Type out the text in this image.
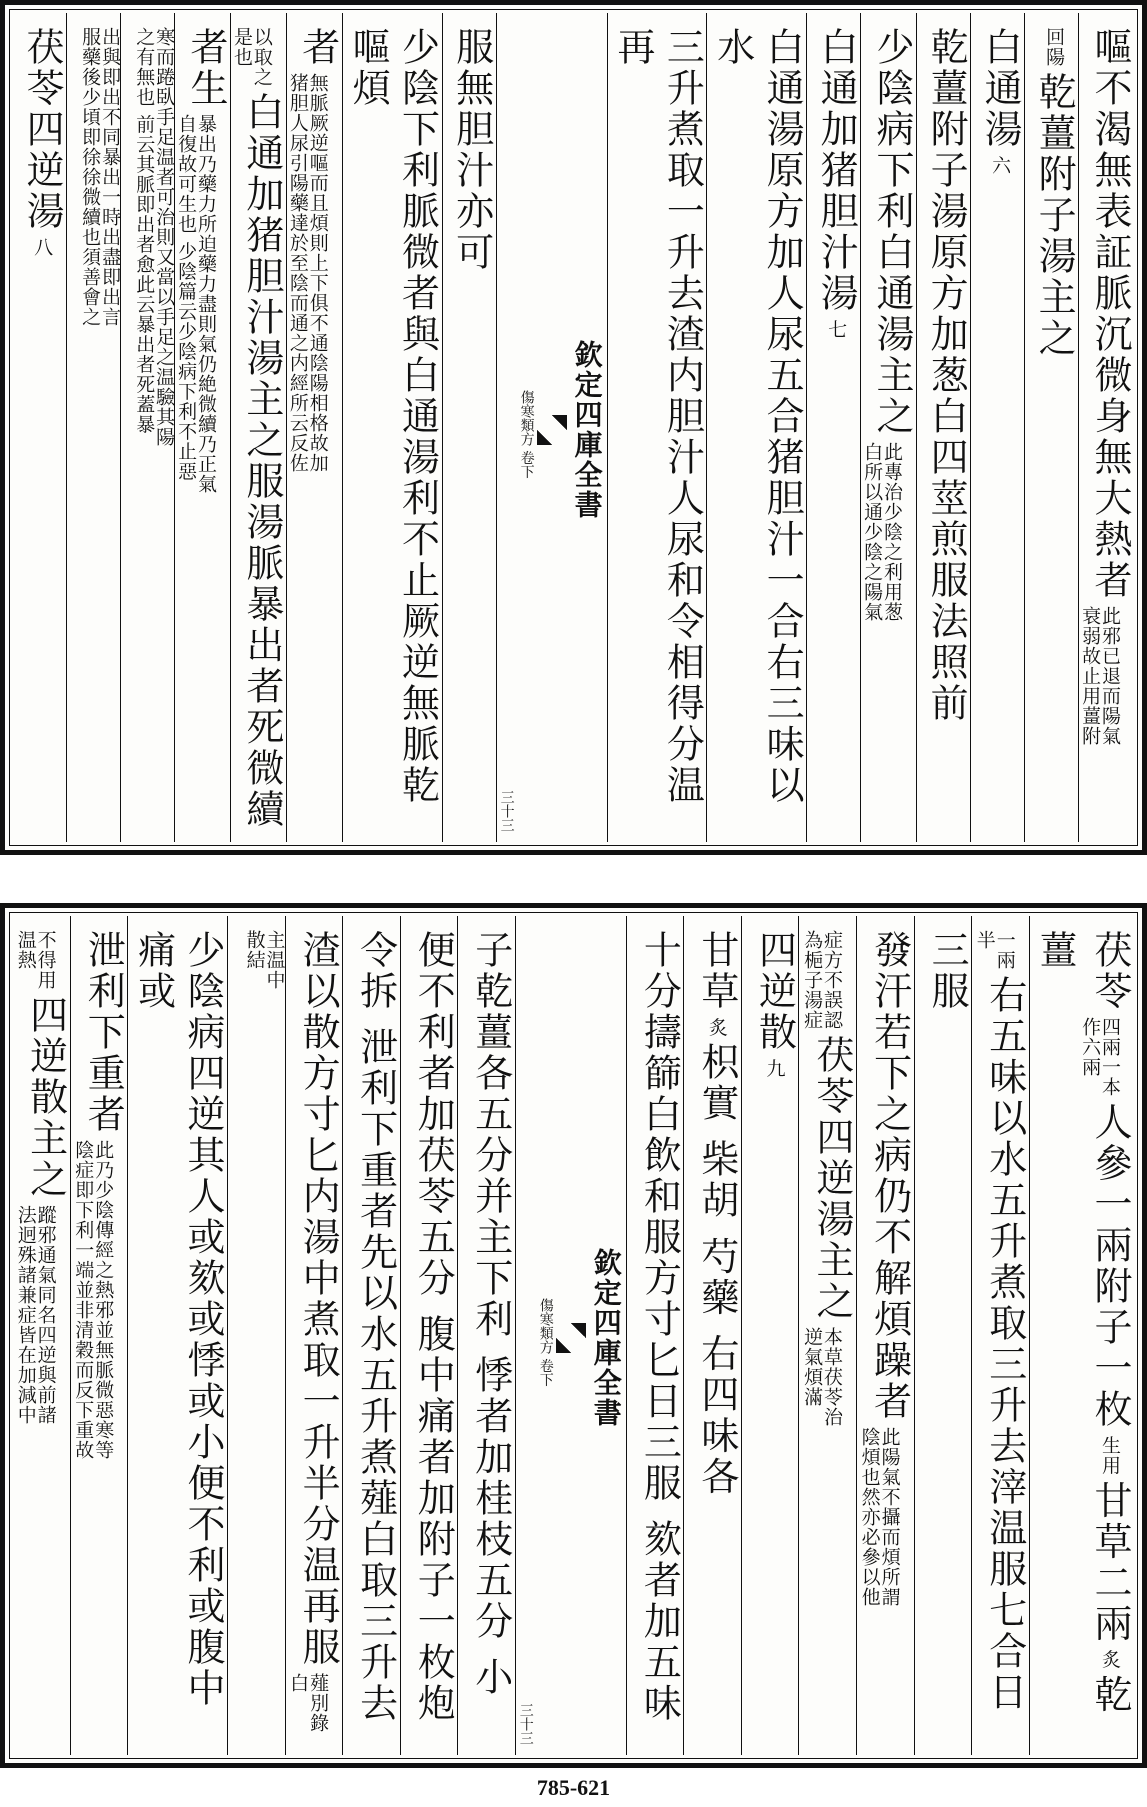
嘔不渴無表証脈沉微身無大熱者
此邪已退而陽氣
衰弱故止用薑附
回陽 乾薑附子湯主之
白通湯 六
乾薑附子湯原方加葱白四莖煎服法照前
少陰病下利白通湯主之
此專治少陰之利用葱
白所以通少陰之陽氣
白通加猪胆汁湯 七
白通湯原方加人尿五合猪胆汁一合右三味以水
三升煮取一升去渣内胆汁人尿和令相得分温再
欽定四庫全書
傷寒類方 卷下
三十三
服無胆汁亦可
少陰下利脈微者與白通湯利不止厥逆無脈乾嘔煩
者
無脈厥逆嘔而且煩則上下俱不通陰陽相格故加
猪胆人尿引陽藥達於至陰而通之内經所云反佐
以取之
是也
白通加猪胆汁湯主之服湯脈暴出者死微續
者生
暴出乃藥力所迫藥力盡則氣仍絶微續乃正氣
自復故可生也 少陰篇云少陰病下利不止惡
寒而踡臥手足温者可治則又當以手足之温驗其陽
之有無也 前云其脈即出者愈此云暴出者死蓋暴
出與即出不同暴出一時出盡即出言
服藥後少頃即徐徐微續也須善會之
茯苓四逆湯 八
茯苓
四兩一本
作六兩
人參一兩附子一枚 生用 甘草二兩 炙 乾薑
一兩
半
右五味以水五升煮取三升去滓温服七合日
三服
發汗若下之病仍不解煩躁者
此陽氣不攝而煩所謂
陰煩也然亦必參以他
症方不誤認
為梔子湯症
茯苓四逆湯主之
本草茯苓治
逆氣煩滿
四逆散 九
甘草 炙 枳實 柴胡 芍藥 右四味各
十分擣篩白飲和服方寸匕日三服 欬者加五味
欽定四庫全書
傷寒類方 卷下
三十三
子乾薑各五分并主下利 悸者加桂枝五分 小
便不利者加茯苓五分 腹中痛者加附子一枚炮
令拆 泄利下重者先以水五升煮薤白取三升去
渣以散方寸匕内湯中煮取一升半分温再服
薤別錄
白
主温中
散結
少陰病四逆其人或欬或悸或小便不利或腹中痛或
泄利下重者
此乃少陰傳經之熱邪並無脈微惡寒等
陰症即下利一端並非清穀而反下重故
不得用
温熱
四逆散主之
蹤邪通氣同名四逆與前諸
法迥殊諸兼症皆在加減中
785-621
